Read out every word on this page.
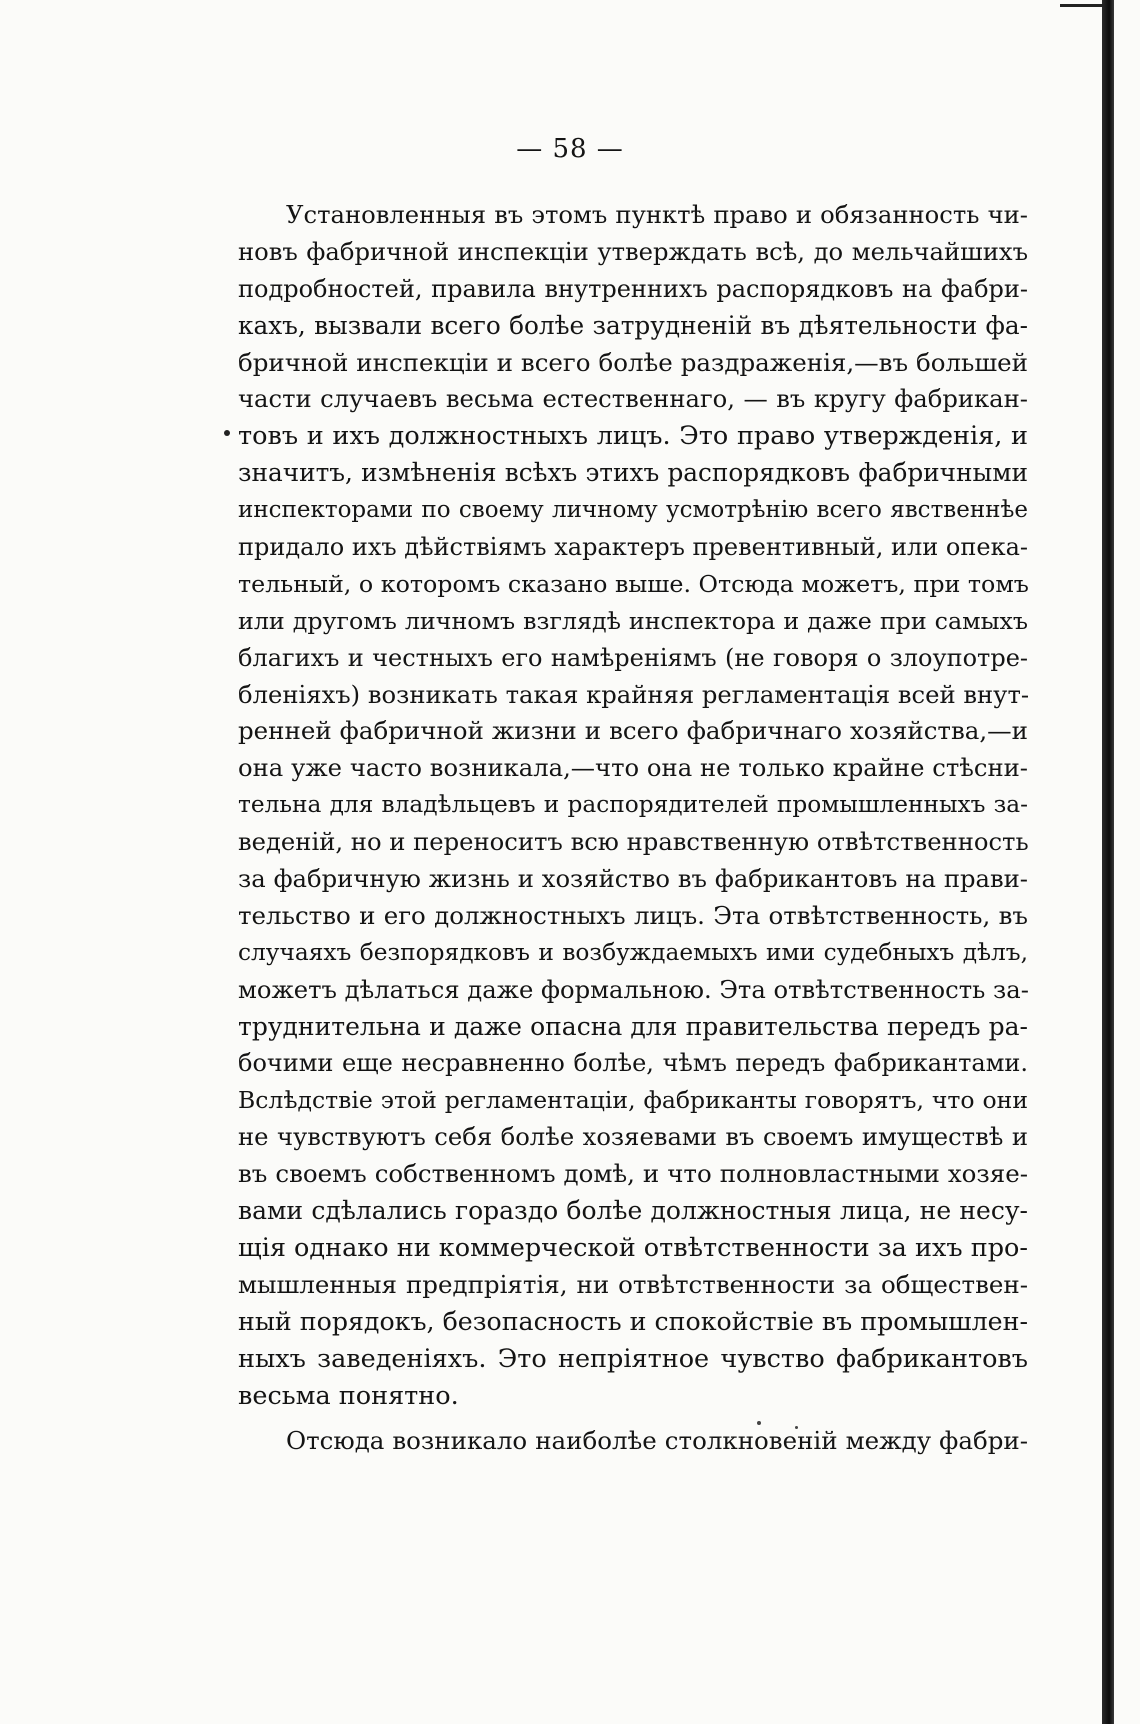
— 58 —
Установленныя въ этомъ пунктѣ право и обязанность чи-
новъ фабричной инспекціи утверждать всѣ, до мельчайшихъ
подробностей, правила внутреннихъ распорядковъ на фабри-
кахъ, вызвали всего болѣе затрудненій въ дѣятельности фа-
бричной инспекціи и всего болѣе раздраженія,—въ большей
части случаевъ весьма естественнаго, — въ кругу фабрикан-
товъ и ихъ должностныхъ лицъ. Это право утвержденія, и
значитъ, измѣненія всѣхъ этихъ распорядковъ фабричными
инспекторами по своему личному усмотрѣнію всего явственнѣе
придало ихъ дѣйствіямъ характеръ превентивный, или опека-
тельный, о которомъ сказано выше. Отсюда можетъ, при томъ
или другомъ личномъ взглядѣ инспектора и даже при самыхъ
благихъ и честныхъ его намѣреніямъ (не говоря о злоупотре-
бленіяхъ) возникать такая крайняя регламентація всей внут-
ренней фабричной жизни и всего фабричнаго хозяйства,—и
она уже часто возникала,—что она не только крайне стѣсни-
тельна для владѣльцевъ и распорядителей промышленныхъ за-
веденій, но и переноситъ всю нравственную отвѣтственность
за фабричную жизнь и хозяйство въ фабрикантовъ на прави-
тельство и его должностныхъ лицъ. Эта отвѣтственность, въ
случаяхъ безпорядковъ и возбуждаемыхъ ими судебныхъ дѣлъ,
можетъ дѣлаться даже формальною. Эта отвѣтственность за-
труднительна и даже опасна для правительства передъ ра-
бочими еще несравненно болѣе, чѣмъ передъ фабрикантами.
Вслѣдствіе этой регламентаціи, фабриканты говорятъ, что они
не чувствуютъ себя болѣе хозяевами въ своемъ имуществѣ и
въ своемъ собственномъ домѣ, и что полновластными хозяе-
вами сдѣлались гораздо болѣе должностныя лица, не несу-
щія однако ни коммерческой отвѣтственности за ихъ про-
мышленныя предпріятія, ни отвѣтственности за обществен-
ный порядокъ, безопасность и спокойствіе въ промышлен-
ныхъ заведеніяхъ. Это непріятное чувство фабрикантовъ
весьма понятно.
Отсюда возникало наиболѣе столкновеній между фабри-
